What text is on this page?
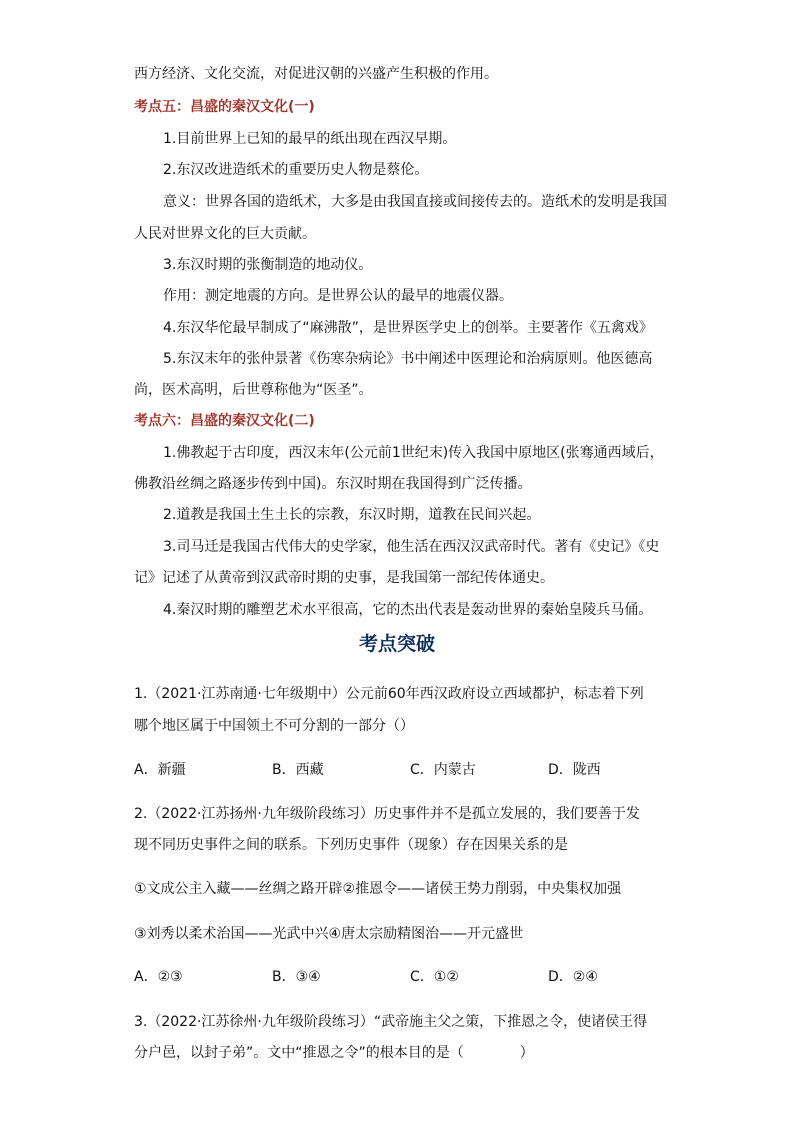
西方经济、文化交流，对促进汉朝的兴盛产生积极的作用。
考点五：昌盛的秦汉文化(一)
1.目前世界上已知的最早的纸出现在西汉早期。
2.东汉改进造纸术的重要历史人物是蔡伦。
意义：世界各国的造纸术，大多是由我国直接或间接传去的。造纸术的发明是我国
人民对世界文化的巨大贡献。
3.东汉时期的张衡制造的地动仪。
作用：测定地震的方向。是世界公认的最早的地震仪器。
4.东汉华佗最早制成了“麻沸散”，是世界医学史上的创举。主要著作《五禽戏》
5.东汉末年的张仲景著《伤寒杂病论》书中阐述中医理论和治病原则。他医德高
尚，医术高明，后世尊称他为“医圣”。
考点六：昌盛的秦汉文化(二)
1.佛教起于古印度，西汉末年(公元前1世纪末)传入我国中原地区(张骞通西域后，
佛教沿丝绸之路逐步传到中国)。东汉时期在我国得到广泛传播。
2.道教是我国土生土长的宗教，东汉时期，道教在民间兴起。
3.司马迁是我国古代伟大的史学家，他生活在西汉汉武帝时代。著有《史记》《史
记》记述了从黄帝到汉武帝时期的史事，是我国第一部纪传体通史。
4.秦汉时期的雕塑艺术水平很高，它的杰出代表是轰动世界的秦始皇陵兵马俑。
考点突破
1.（2021·江苏南通·七年级期中）公元前60年西汉政府设立西域都护，标志着下列
哪个地区属于中国领土不可分割的一部分（）
A．新疆	B．西藏	C．内蒙古	D．陇西
2.（2022·江苏扬州·九年级阶段练习）历史事件并不是孤立发展的，我们要善于发
现不同历史事件之间的联系。下列历史事件（现象）存在因果关系的是
①文成公主入藏——丝绸之路开辟②推恩令——诸侯王势力削弱，中央集权加强
③刘秀以柔术治国——光武中兴④唐太宗励精图治——开元盛世
A．②③	B．③④	C．①②	D．②④
3.（2022·江苏徐州·九年级阶段练习）“武帝施主父之策，下推恩之令，使诸侯王得
分户邑，以封子弟”。文中“推恩之令”的根本目的是（　　　　）
